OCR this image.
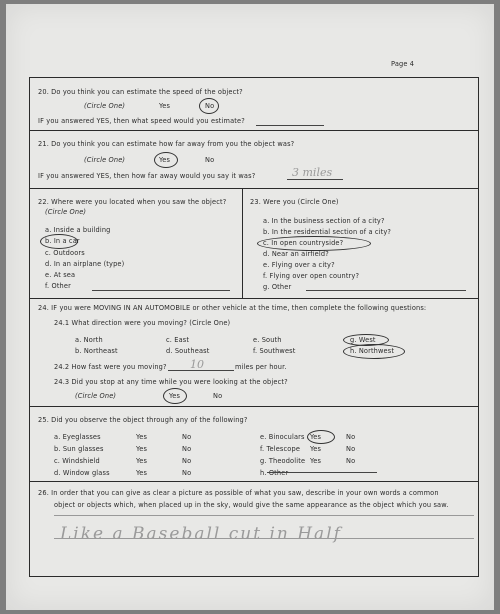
Page 4
20. Do you think you can estimate the speed of the object?
(Circle One)	Yes	No
IF you answered YES, then what speed would you estimate?
21. Do you think you can estimate how far away from you the object was?
(Circle One)	Yes	No
IF you answered YES, then how far away would you say it was?	3 miles
22. Where were you located when you saw the object?
(Circle One)
a. Inside a building
b. In a car
c. Outdoors
d. In an airplane (type)
e. At sea
f. Other
23. Were you (Circle One)
a. In the business section of a city?
b. In the residential section of a city?
c. In open countryside?
d. Near an airfield?
e. Flying over a city?
f. Flying over open country?
g. Other
24. IF you were MOVING IN AN AUTOMOBILE or other vehicle at the time, then complete the following questions:
24.1 What direction were you moving? (Circle One)
a. North
b. Northeast
c. East
d. Southeast
e. South
f. Southwest
g. West
h. Northwest
24.2 How fast were you moving? 10	miles per hour.
24.3 Did you stop at any time while you were looking at the object?
(Circle One)	Yes	No
25. Did you observe the object through any of the following?
a. Eyeglasses	Yes	No
b. Sun glasses	Yes	No
c. Windshield	Yes	No
d. Window glass	Yes	No
e. Binoculars Yes	No
f. Telescope Yes	No
g. Theodolite Yes	No
h. Other
26. In order that you can give as clear a picture as possible of what you saw, describe in your own words a common
object or objects which, when placed up in the sky, would give the same appearance as the object which you saw.
Like a Baseball cut in Half
